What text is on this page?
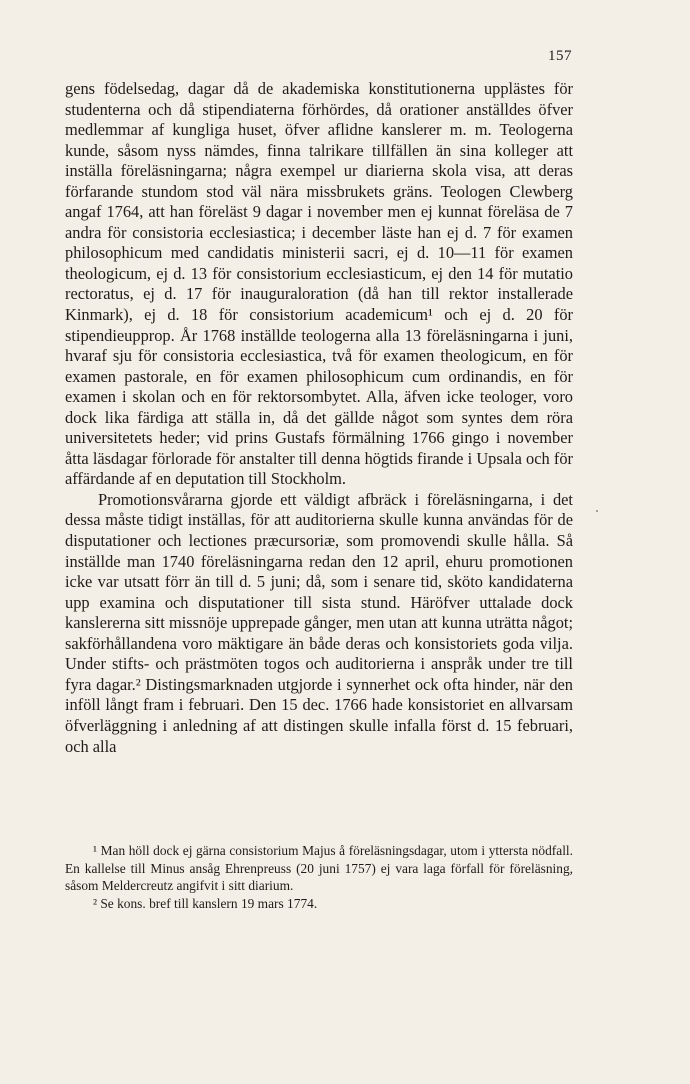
157

gens födelsedag, dagar då de akademiska konstitutionerna upplästes för studenterna och då stipendiaterna förhördes, då orationer anställdes öfver medlemmar af kungliga huset, öfver aflidne kanslerer m. m. Teologerna kunde, såsom nyss nämdes, finna talrikare tillfällen än sina kolleger att inställa föreläsningarna; några exempel ur diarierna skola visa, att deras förfarande stundom stod väl nära missbrukets gräns. Teologen Clewberg angaf 1764, att han föreläst 9 dagar i november men ej kunnat föreläsa de 7 andra för consistoria ecclesiastica; i december läste han ej d. 7 för examen philosophicum med candidatis ministerii sacri, ej d. 10—11 för examen theologicum, ej d. 13 för consistorium ecclesiasticum, ej den 14 för mutatio rectoratus, ej d. 17 för inauguraloration (då han till rektor installerade Kinmark), ej d. 18 för consistorium academicum¹ och ej d. 20 för stipendieupprop. År 1768 inställde teologerna alla 13 föreläsningarna i juni, hvaraf sju för consistoria ecclesiastica, två för examen theologicum, en för examen pastorale, en för examen philosophicum cum ordinandis, en för examen i skolan och en för rektorsombytet. Alla, äfven icke teologer, voro dock lika färdiga att ställa in, då det gällde något som syntes dem röra universitetets heder; vid prins Gustafs förmälning 1766 gingo i november åtta läsdagar förlorade för anstalter till denna högtids firande i Upsala och för affärdande af en deputation till Stockholm.

Promotionsvårarna gjorde ett väldigt afbräck i föreläsningarna, i det dessa måste tidigt inställas, för att auditorierna skulle kunna användas för de disputationer och lectiones præcursoriæ, som promovendi skulle hålla. Så inställde man 1740 föreläsningarna redan den 12 april, ehuru promotionen icke var utsatt förr än till d. 5 juni; då, som i senare tid, sköto kandidaterna upp examina och disputationer till sista stund. Häröfver uttalade dock kanslererna sitt missnöje upprepade gånger, men utan att kunna uträtta något; sakförhållandena voro mäktigare än både deras och konsistoriets goda vilja. Under stifts- och prästmöten togos och auditorierna i anspråk under tre till fyra dagar.² Distingsmarknaden utgjorde i synnerhet ock ofta hinder, när den inföll långt fram i februari. Den 15 dec. 1766 hade konsistoriet en allvarsam öfverläggning i anledning af att distingen skulle infalla först d. 15 februari, och alla

¹ Man höll dock ej gärna consistorium Majus å föreläsningsdagar, utom i yttersta nödfall. En kallelse till Minus ansåg Ehrenpreuss (20 juni 1757) ej vara laga förfall för föreläsning, såsom Meldercreutz angifvit i sitt diarium.

² Se kons. bref till kanslern 19 mars 1774.
